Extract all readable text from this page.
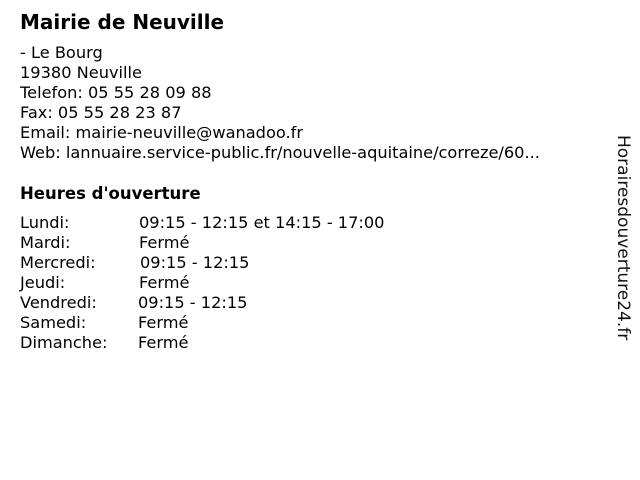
Mairie de Neuville
- Le Bourg
19380 Neuville
Telefon: 05 55 28 09 88
Fax: 05 55 28 23 87
Email: mairie-neuville@wanadoo.fr
Web: lannuaire.service-public.fr/nouvelle-aquitaine/correze/60...
Heures d'ouverture
Lundi:	09:15 - 12:15 et 14:15 - 17:00
Mardi:	Fermé
Mercredi:	09:15 - 12:15
Jeudi:	Fermé
Vendredi:	09:15 - 12:15
Samedi:	Fermé
Dimanche: Fermé
Horairesdouverture24.fr
